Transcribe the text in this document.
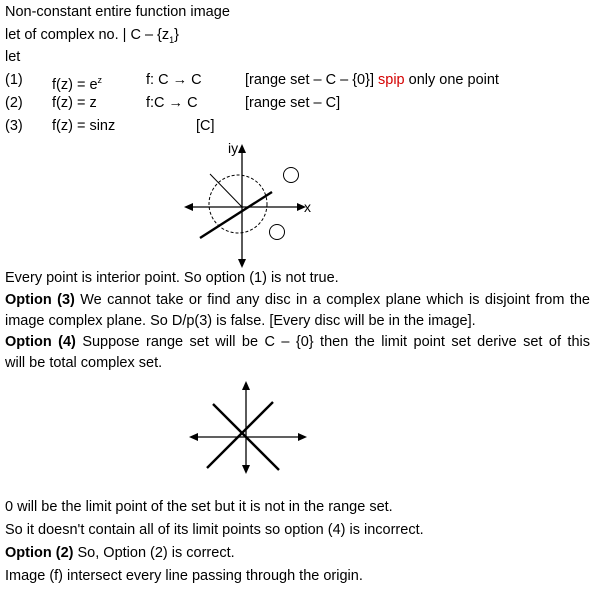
Non-constant entire function image
let of complex no. | C – $\{z_1\}$
let
(1) $f(z) = e^z$	f: C → C	[range set – C – {0}] spip only one point
(2) f(z) = z	f:C → C	[range set – C]
(3) f(z) = sinz	[C]
iy
x
Every point is interior point. So option (1) is not true.
Option (3) We cannot take or find any disc in a complex plane which is disjoint from the
image complex plane. So D/p(3) is false. [Every disc will be in the image].
Option (4) Suppose range set will be C – {0} then the limit point set derive set of this
will be total complex set.
0 will be the limit point of the set but it is not in the range set.
So it doesn't contain all of its limit points so option (4) is incorrect.
Option (2) So, Option (2) is correct.
Image (f) intersect every line passing through the origin.
